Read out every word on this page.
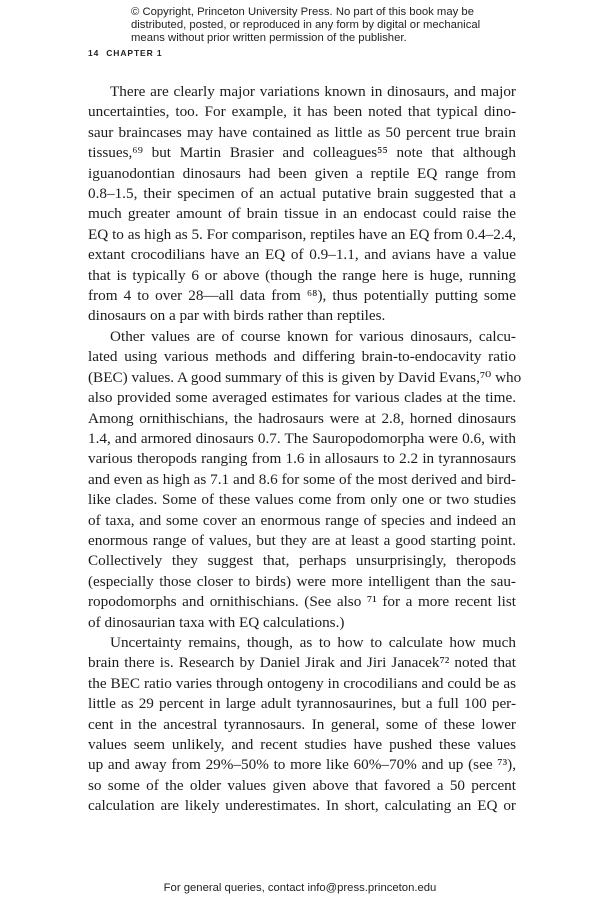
© Copyright, Princeton University Press. No part of this book may be
distributed, posted, or reproduced in any form by digital or mechanical
means without prior written permission of the publisher.
14 CHAPTER 1
There are clearly major variations known in dinosaurs, and major
uncertainties, too. For example, it has been noted that typical dino-
saur braincases may have contained as little as 50 percent true brain
tissues,⁶⁹ but Martin Brasier and colleagues⁵⁵ note that although
iguanodontian dinosaurs had been given a reptile EQ range from
0.8–1.5, their specimen of an actual putative brain suggested that a
much greater amount of brain tissue in an endocast could raise the
EQ to as high as 5. For comparison, reptiles have an EQ from 0.4–2.4,
extant crocodilians have an EQ of 0.9–1.1, and avians have a value
that is typically 6 or above (though the range here is huge, running
from 4 to over 28—all data from ⁶⁸), thus potentially putting some
dinosaurs on a par with birds rather than reptiles.
Other values are of course known for various dinosaurs, calcu-
lated using various methods and differing brain-to-endocavity ratio
(BEC) values. A good summary of this is given by David Evans,⁷⁰ who
also provided some averaged estimates for various clades at the time.
Among ornithischians, the hadrosaurs were at 2.8, horned dinosaurs
1.4, and armored dinosaurs 0.7. The Sauropodomorpha were 0.6, with
various theropods ranging from 1.6 in allosaurs to 2.2 in tyrannosaurs
and even as high as 7.1 and 8.6 for some of the most derived and bird-
like clades. Some of these values come from only one or two studies
of taxa, and some cover an enormous range of species and indeed an
enormous range of values, but they are at least a good starting point.
Collectively they suggest that, perhaps unsurprisingly, theropods
(especially those closer to birds) were more intelligent than the sau-
ropodomorphs and ornithischians. (See also ⁷¹ for a more recent list
of dinosaurian taxa with EQ calculations.)
Uncertainty remains, though, as to how to calculate how much
brain there is. Research by Daniel Jirak and Jiri Janacek⁷² noted that
the BEC ratio varies through ontogeny in crocodilians and could be as
little as 29 percent in large adult tyrannosaurines, but a full 100 per-
cent in the ancestral tyrannosaurs. In general, some of these lower
values seem unlikely, and recent studies have pushed these values
up and away from 29%–50% to more like 60%–70% and up (see ⁷³),
so some of the older values given above that favored a 50 percent
calculation are likely underestimates. In short, calculating an EQ or
For general queries, contact info@press.princeton.edu
